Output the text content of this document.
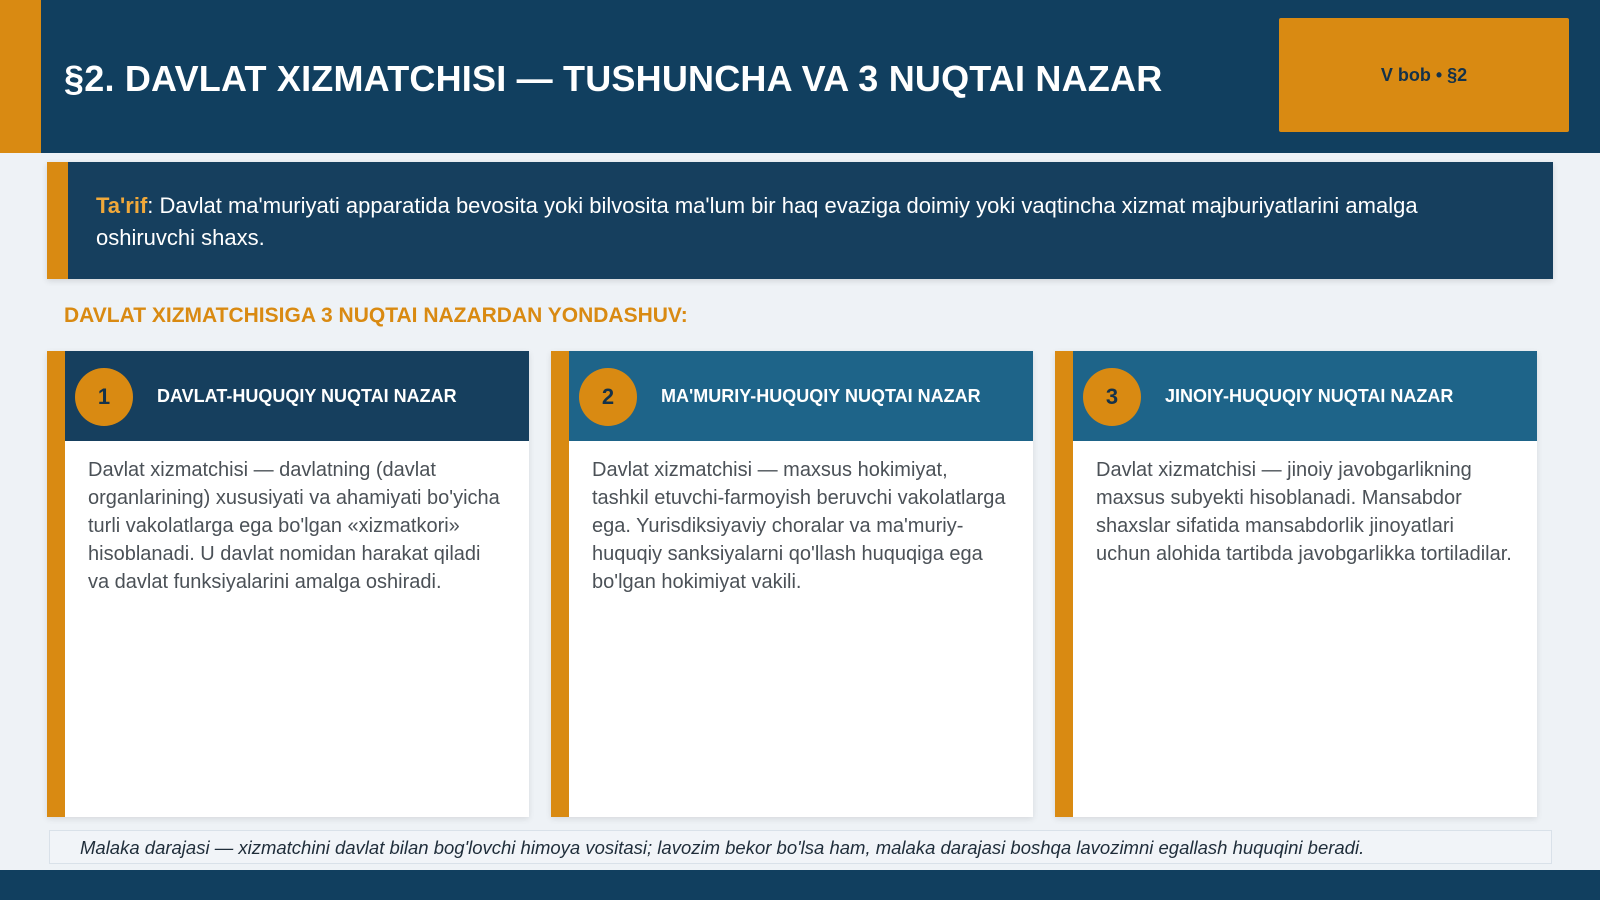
§2. DAVLAT XIZMATCHISI — TUSHUNCHA VA 3 NUQTAI NAZAR	V bob • §2
Ta'rif: Davlat ma'muriyati apparatida bevosita yoki bilvosita ma'lum bir haq evaziga doimiy yoki vaqtincha xizmat majburiyatlarini amalga oshiruvchi shaxs.
DAVLAT XIZMATCHISIGA 3 NUQTAI NAZARDAN YONDASHUV:
1	DAVLAT-HUQUQIY NUQTAI NAZAR
Davlat xizmatchisi — davlatning (davlat organlarining) xususiyati va ahamiyati bo'yicha turli vakolatlarga ega bo'lgan «xizmatkori» hisoblanadi. U davlat nomidan harakat qiladi va davlat funksiyalarini amalga oshiradi.
2	MA'MURIY-HUQUQIY NUQTAI NAZAR
Davlat xizmatchisi — maxsus hokimiyat, tashkil etuvchi-farmoyish beruvchi vakolatlarga ega. Yurisdiksiyaviy choralar va ma'muriy-huquqiy sanksiyalarni qo'llash huquqiga ega bo'lgan hokimiyat vakili.
3	JINOIY-HUQUQIY NUQTAI NAZAR
Davlat xizmatchisi — jinoiy javobgarlikning maxsus subyekti hisoblanadi. Mansabdor shaxslar sifatida mansabdorlik jinoyatlari uchun alohida tartibda javobgarlikka tortiladilar.
Malaka darajasi — xizmatchini davlat bilan bog'lovchi himoya vositasi; lavozim bekor bo'lsa ham, malaka darajasi boshqa lavozimni egallash huquqini beradi.
